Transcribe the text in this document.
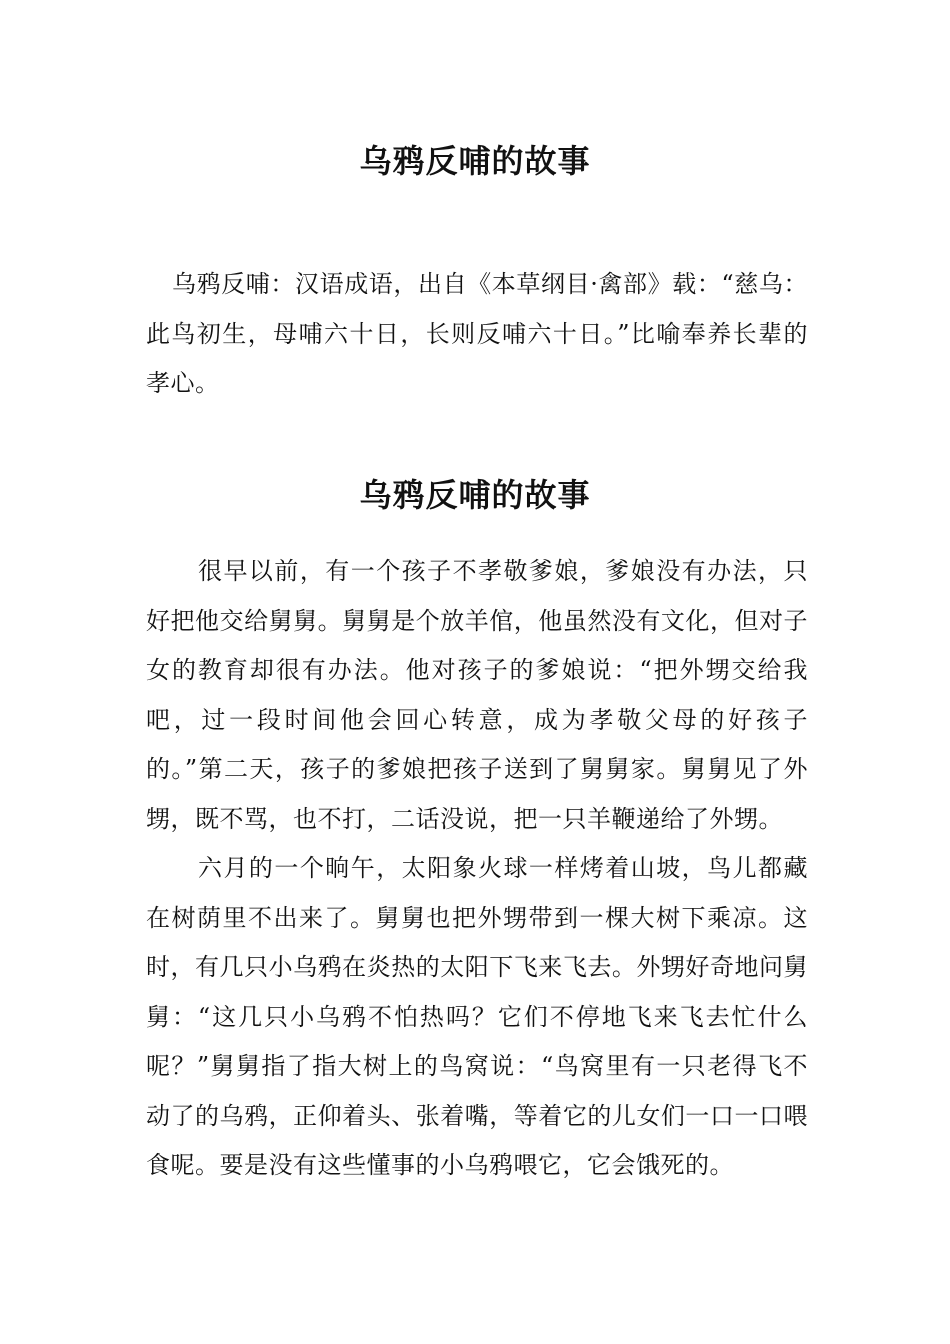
乌鸦反哺的故事

乌鸦反哺：汉语成语，出自《本草纲目·禽部》载：“慈乌：此鸟初生，母哺六十日，长则反哺六十日。”比喻奉养长辈的孝心。

乌鸦反哺的故事

很早以前，有一个孩子不孝敬爹娘，爹娘没有办法，只好把他交给舅舅。舅舅是个放羊倌，他虽然没有文化，但对子女的教育却很有办法。他对孩子的爹娘说：“把外甥交给我吧，过一段时间他会回心转意，成为孝敬父母的好孩子的。”第二天，孩子的爹娘把孩子送到了舅舅家。舅舅见了外甥，既不骂，也不打，二话没说，把一只羊鞭递给了外甥。

六月的一个晌午，太阳象火球一样烤着山坡，鸟儿都藏在树荫里不出来了。舅舅也把外甥带到一棵大树下乘凉。这时，有几只小乌鸦在炎热的太阳下飞来飞去。外甥好奇地问舅舅：“这几只小乌鸦不怕热吗？它们不停地飞来飞去忙什么呢？”舅舅指了指大树上的鸟窝说：“鸟窝里有一只老得飞不动了的乌鸦，正仰着头、张着嘴，等着它的儿女们一口一口喂食呢。要是没有这些懂事的小乌鸦喂它，它会饿死的。
